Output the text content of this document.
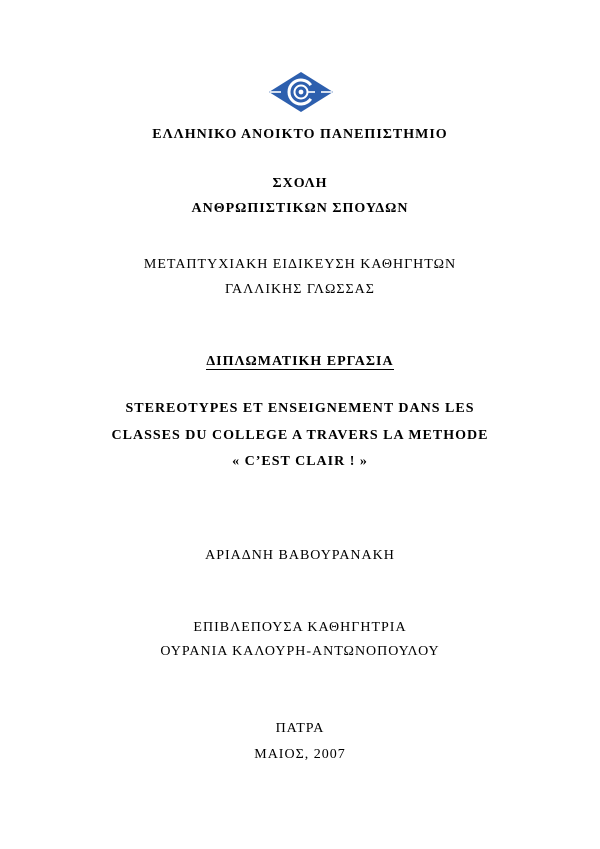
ΕΛΛΗΝΙΚΟ ΑΝΟΙΚΤΟ ΠΑΝΕΠΙΣΤΗΜΙΟ
ΣΧΟΛΗ
ΑΝΘΡΩΠΙΣΤΙΚΩΝ ΣΠΟΥΔΩΝ
ΜΕΤΑΠΤΥΧΙΑΚΗ ΕΙΔΙΚΕΥΣΗ ΚΑΘΗΓΗΤΩΝ
ΓΑΛΛΙΚΗΣ ΓΛΩΣΣΑΣ
ΔΙΠΛΩΜΑΤΙΚΗ ΕΡΓΑΣΙΑ
STEREOTYPES ET ENSEIGNEMENT DANS LES
CLASSES DU COLLEGE A TRAVERS LA METHODE
« C’EST CLAIR ! »
ΑΡΙΑΔΝΗ ΒΑΒΟΥΡΑΝΑΚΗ
ΕΠΙΒΛΕΠΟΥΣΑ ΚΑΘΗΓΗΤΡΙΑ
ΟΥΡΑΝΙΑ ΚΑΛΟΥΡΗ-ΑΝΤΩΝΟΠΟΥΛΟΥ
ΠΑΤΡΑ
ΜΑΙΟΣ, 2007
